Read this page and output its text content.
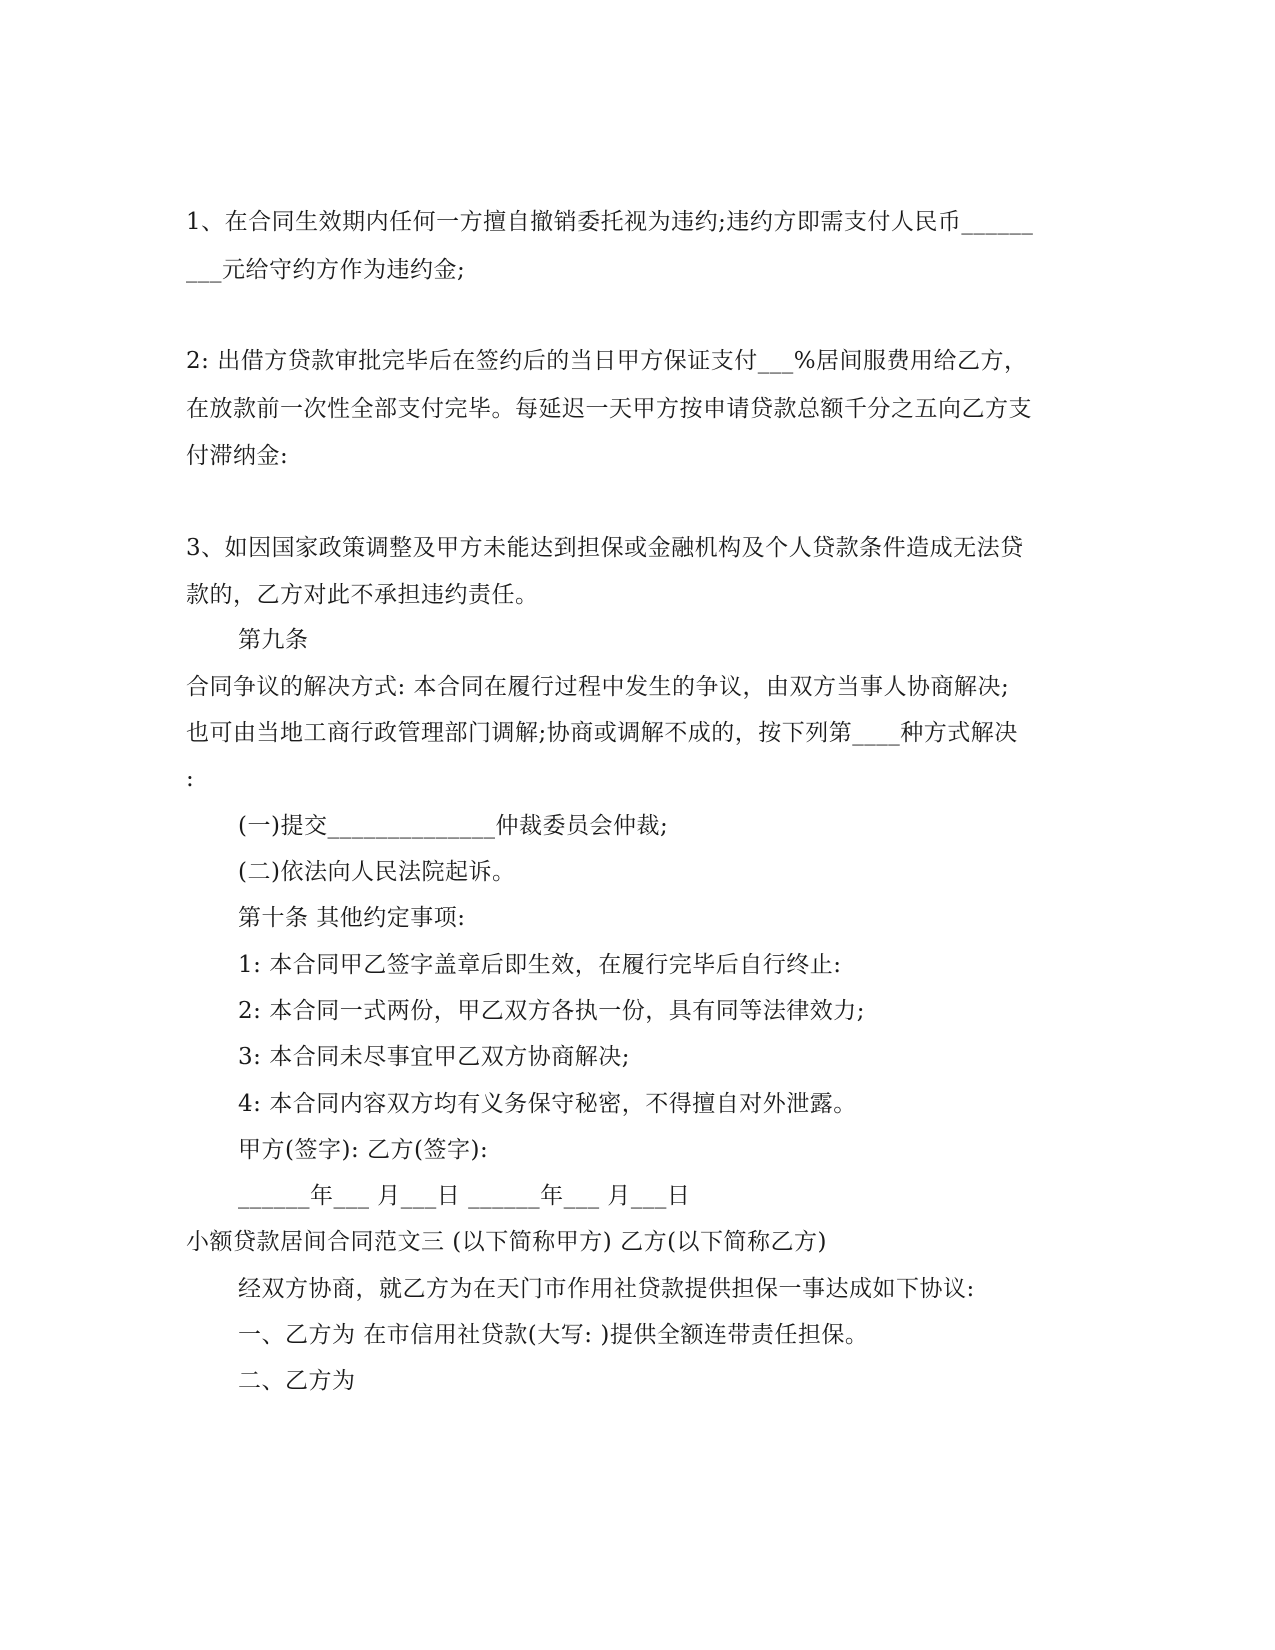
1、在合同生效期内任何一方擅自撤销委托视为违约;违约方即需支付人民币______
___元给守约方作为违约金;
2: 出借方贷款审批完毕后在签约后的当日甲方保证支付___%居间服费用给乙方，
在放款前一次性全部支付完毕。每延迟一天甲方按申请贷款总额千分之五向乙方支
付滞纳金:
3、如因国家政策调整及甲方未能达到担保或金融机构及个人贷款条件造成无法贷
款的，乙方对此不承担违约责任。
第九条
合同争议的解决方式: 本合同在履行过程中发生的争议，由双方当事人协商解决;
也可由当地工商行政管理部门调解;协商或调解不成的，按下列第____种方式解决
:
(一)提交______________仲裁委员会仲裁;
(二)依法向人民法院起诉。
第十条 其他约定事项:
1: 本合同甲乙签字盖章后即生效，在履行完毕后自行终止:
2: 本合同一式两份，甲乙双方各执一份，具有同等法律效力;
3: 本合同未尽事宜甲乙双方协商解决;
4: 本合同内容双方均有义务保守秘密，不得擅自对外泄露。
甲方(签字): 乙方(签字):
______年___ 月___日 ______年___ 月___日
小额贷款居间合同范文三 (以下简称甲方) 乙方(以下简称乙方)
经双方协商，就乙方为在天门市作用社贷款提供担保一事达成如下协议:
一、乙方为 在市信用社贷款(大写: )提供全额连带责任担保。
二、乙方为
